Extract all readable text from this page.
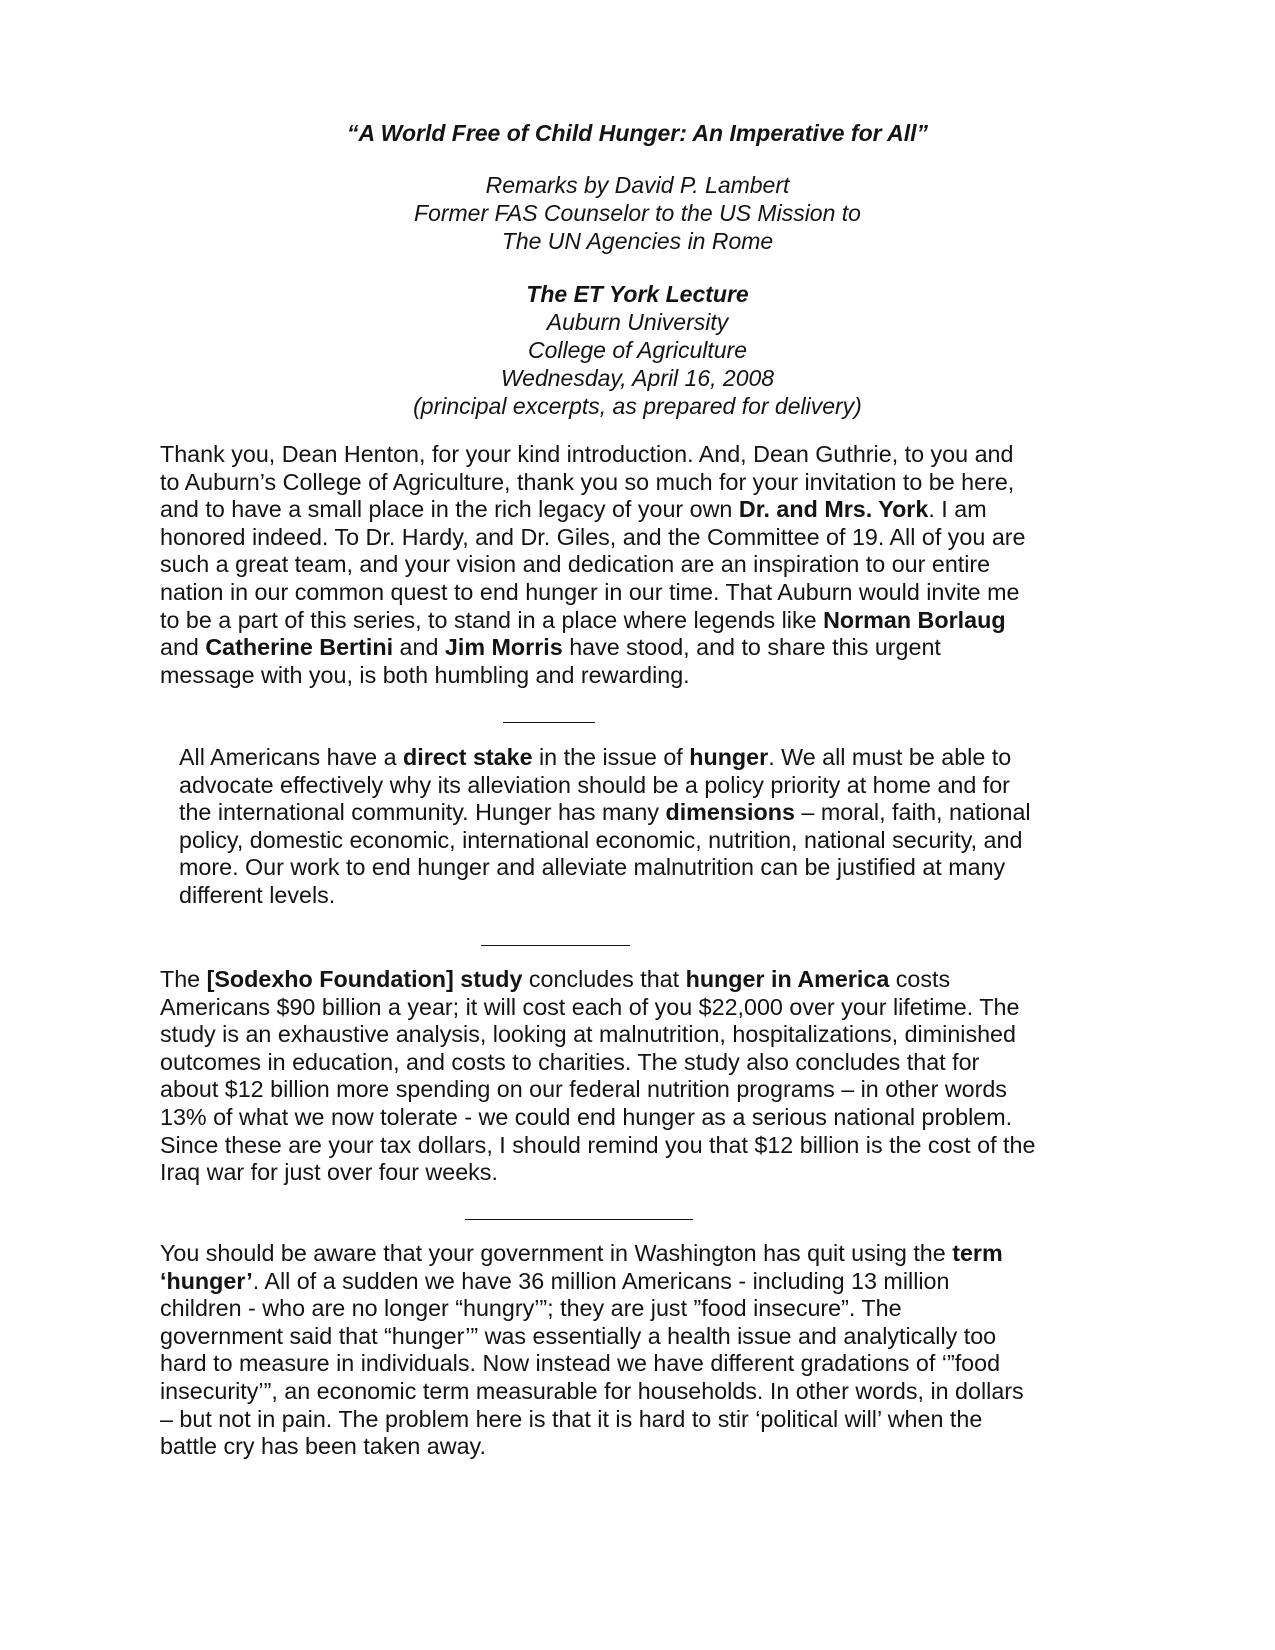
“A World Free of Child Hunger: An Imperative for All”
Remarks by David P. Lambert
Former FAS Counselor to the US Mission to
The UN Agencies in Rome
The ET York Lecture
Auburn University
College of Agriculture
Wednesday, April 16, 2008
(principal excerpts, as prepared for delivery)
Thank you, Dean Henton, for your kind introduction. And, Dean Guthrie, to you and
to Auburn’s College of Agriculture, thank you so much for your invitation to be here,
and to have a small place in the rich legacy of your own Dr. and Mrs. York. I am
honored indeed. To Dr. Hardy, and Dr. Giles, and the Committee of 19. All of you are
such a great team, and your vision and dedication are an inspiration to our entire
nation in our common quest to end hunger in our time. That Auburn would invite me
to be a part of this series, to stand in a place where legends like Norman Borlaug
and Catherine Bertini and Jim Morris have stood, and to share this urgent
message with you, is both humbling and rewarding.
All Americans have a direct stake in the issue of hunger. We all must be able to
advocate effectively why its alleviation should be a policy priority at home and for
the international community. Hunger has many dimensions – moral, faith, national
policy, domestic economic, international economic, nutrition, national security, and
more. Our work to end hunger and alleviate malnutrition can be justified at many
different levels.
The [Sodexho Foundation] study concludes that hunger in America costs
Americans $90 billion a year; it will cost each of you $22,000 over your lifetime. The
study is an exhaustive analysis, looking at malnutrition, hospitalizations, diminished
outcomes in education, and costs to charities. The study also concludes that for
about $12 billion more spending on our federal nutrition programs – in other words
13% of what we now tolerate - we could end hunger as a serious national problem.
Since these are your tax dollars, I should remind you that $12 billion is the cost of the
Iraq war for just over four weeks.
You should be aware that your government in Washington has quit using the term
‘hunger’. All of a sudden we have 36 million Americans - including 13 million
children - who are no longer “hungry’”; they are just ”food insecure”. The
government said that “hunger’” was essentially a health issue and analytically too
hard to measure in individuals. Now instead we have different gradations of ‘”food
insecurity’”, an economic term measurable for households. In other words, in dollars
– but not in pain. The problem here is that it is hard to stir ‘political will’ when the
battle cry has been taken away.
